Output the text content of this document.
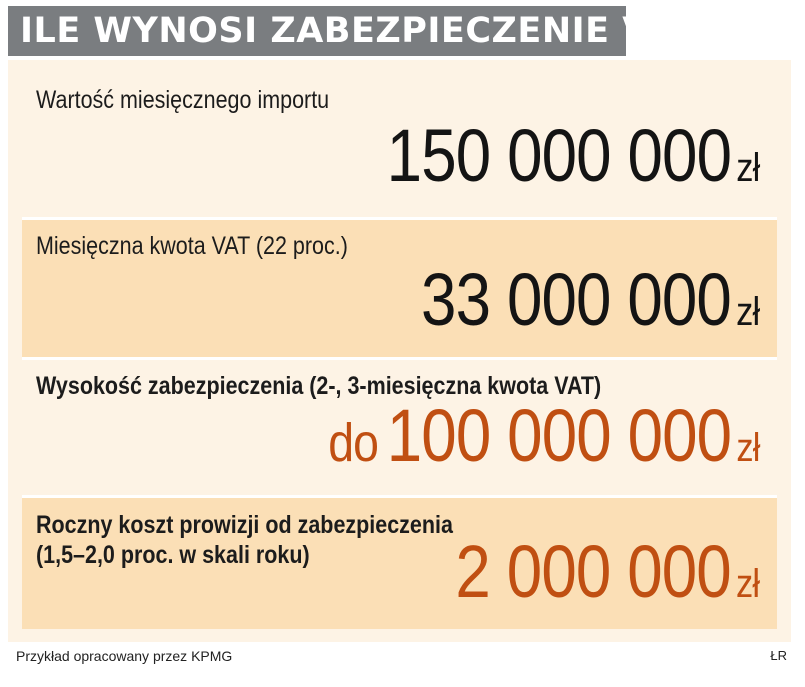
ILE WYNOSI ZABEZPIECZENIE VAT
Wartość miesięcznego importu
150 000 000 zł
Miesięczna kwota VAT (22 proc.)
33 000 000 zł
Wysokość zabezpieczenia (2-, 3-miesięczna kwota VAT)
do 100 000 000 zł
Roczny koszt prowizji od zabezpieczenia
(1,5–2,0 proc. w skali roku)	2 000 000 zł
Przykład opracowany przez KPMG	ŁR
